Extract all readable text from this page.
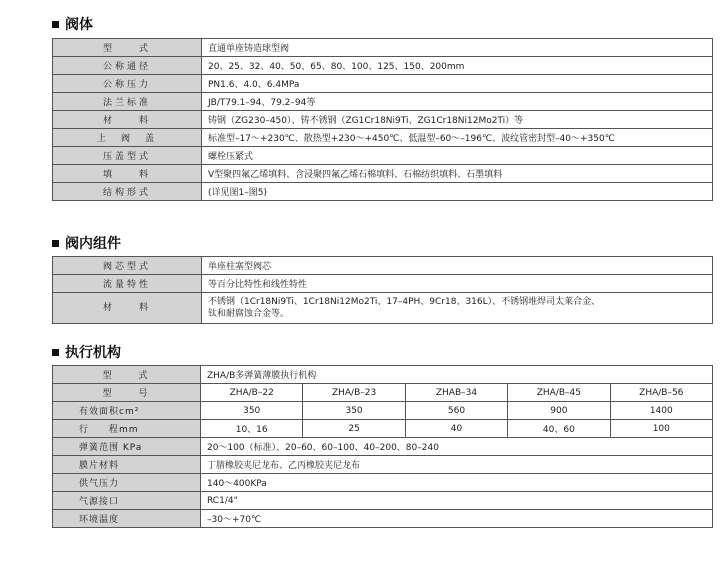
阀体
型　　式	直通单座铸造球型阀
公称通径	20、25、32、40、50、65、80、100、125、150、200mm
公称压力	PN1.6、4.0、6.4MPa
法兰标准	JB/T79.1–94、79.2–94等
材　　料	铸钢（ZG230–450）、铸不锈钢（ZG1Cr18Ni9Ti、ZG1Cr18Ni12Mo2Ti）等
上　阀　盖	标准型–17～+230℃、散热型+230～+450℃、低温型–60～–196℃、波纹管密封型–40～+350℃
压盖型式	螺栓压紧式
填　　料	V型聚四氟乙烯填料、含浸聚四氟乙烯石棉填料、石棉纺织填料、石墨填料
结构形式	(详见图1–图5)
阀内组件
阀芯型式	单座柱塞型阀芯
流量特性	等百分比特性和线性特性
材　　料	不锈钢（1Cr18Ni9Ti、1Cr18Ni12Mo2Ti、17–4PH、9Cr18、316L）、不锈钢堆焊司太莱合金、
钛和耐腐蚀合金等。
执行机构
型　　式	ZHA/B多弹簧薄膜执行机构				
型　　号	ZHA/B–22	ZHA/B–23	ZHAB–34	ZHA/B–45	ZHA/B–56
有效面积cm²	350	350	560	900	1400
行　　程mm	10、16	25	40	40、60	100
弹簧范围 KPa	20～100（标准）、20–60、60–100、40–200、80–240				
膜片材料	丁腈橡胶夹尼龙布、乙丙橡胶夹尼龙布				
供气压力	140～400KPa				
气源接口	RC1/4"				
环境温度	–30～+70℃				
